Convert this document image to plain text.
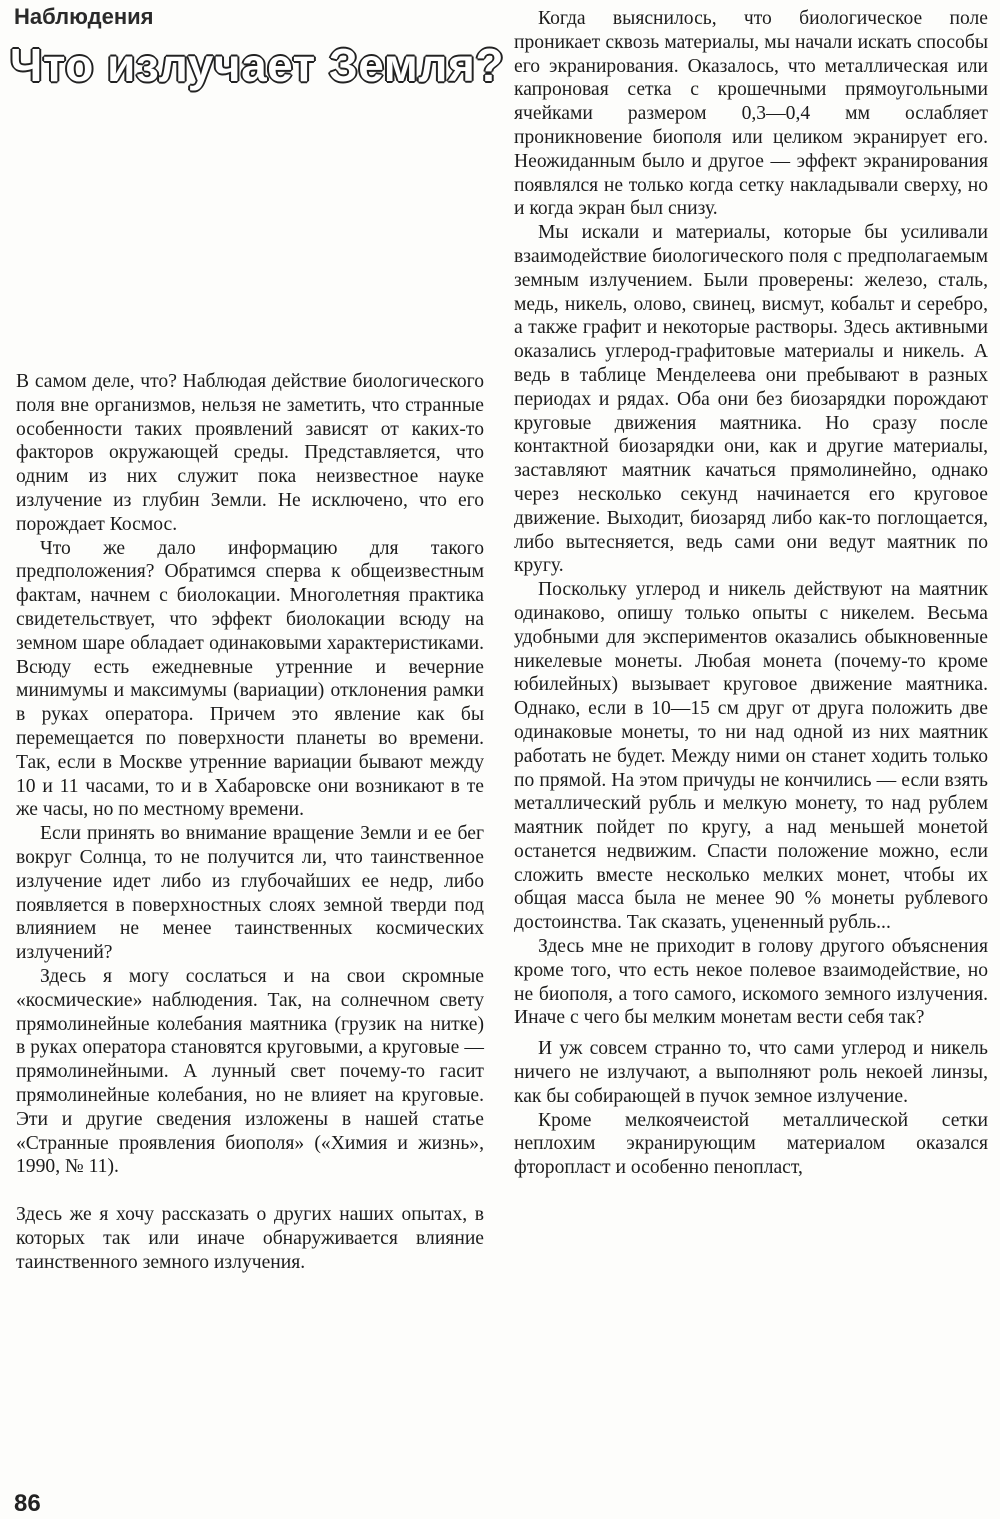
Наблюдения
Что излучает Земля?

В самом деле, что? Наблюдая действие биологического поля вне организмов, нельзя не заметить, что странные особенности таких проявлений зависят от каких-то факторов окружающей среды. Представляется, что одним из них служит пока неизвестное науке излучение из глубин Земли. Не исключено, что его порождает Космос.

Что же дало информацию для такого предположения? Обратимся сперва к общеизвестным фактам, начнем с биолокации. Многолетняя практика свидетельствует, что эффект биолокации всюду на земном шаре обладает одинаковыми характеристиками. Всюду есть ежедневные утренние и вечерние минимумы и максимумы (вариации) отклонения рамки в руках оператора. Причем это явление как бы перемещается по поверхности планеты во времени. Так, если в Москве утренние вариации бывают между 10 и 11 часами, то и в Хабаровске они возникают в те же часы, но по местному времени.

Если принять во внимание вращение Земли и ее бег вокруг Солнца, то не получится ли, что таинственное излучение идет либо из глубочайших ее недр, либо появляется в поверхностных слоях земной тверди под влиянием не менее таинственных космических излучений?

Здесь я могу сослаться и на свои скромные «космические» наблюдения. Так, на солнечном свету прямолинейные колебания маятника (грузик на нитке) в руках оператора становятся круговыми, а круговые — прямолинейными. А лунный свет почему-то гасит прямолинейные колебания, но не влияет на круговые. Эти и другие сведения изложены в нашей статье «Странные проявления биополя» («Химия и жизнь», 1990, № 11).

Здесь же я хочу рассказать о других наших опытах, в которых так или иначе обнаруживается влияние таинственного земного излучения.

Когда выяснилось, что биологическое поле проникает сквозь материалы, мы начали искать способы его экранирования. Оказалось, что металлическая или капроновая сетка с крошечными прямоугольными ячейками размером 0,3—0,4 мм ослабляет проникновение биополя или целиком экранирует его. Неожиданным было и другое — эффект экранирования появлялся не только когда сетку накладывали сверху, но и когда экран был снизу.

Мы искали и материалы, которые бы усиливали взаимодействие биологического поля с предполагаемым земным излучением. Были проверены: железо, сталь, медь, никель, олово, свинец, висмут, кобальт и серебро, а также графит и некоторые растворы. Здесь активными оказались углерод-графитовые материалы и никель. А ведь в таблице Менделеева они пребывают в разных периодах и рядах. Оба они без биозарядки порождают круговые движения маятника. Но сразу после контактной биозарядки они, как и другие материалы, заставляют маятник качаться прямолинейно, однако через несколько секунд начинается его круговое движение. Выходит, биозаряд либо как-то поглощается, либо вытесняется, ведь сами они ведут маятник по кругу.

Поскольку углерод и никель действуют на маятник одинаково, опишу только опыты с никелем. Весьма удобными для экспериментов оказались обыкновенные никелевые монеты. Любая монета (почему-то кроме юбилейных) вызывает круговое движение маятника. Однако, если в 10—15 см друг от друга положить две одинаковые монеты, то ни над одной из них маятник работать не будет. Между ними он станет ходить только по прямой. На этом причуды не кончились — если взять металлический рубль и мелкую монету, то над рублем маятник пойдет по кругу, а над меньшей монетой останется недвижим. Спасти положение можно, если сложить вместе несколько мелких монет, чтобы их общая масса была не менее 90 % монеты рублевого достоинства. Так сказать, уцененный рубль...

Здесь мне не приходит в голову другого объяснения кроме того, что есть некое полевое взаимодействие, но не биополя, а того самого, искомого земного излучения. Иначе с чего бы мелким монетам вести себя так?

И уж совсем странно то, что сами углерод и никель ничего не излучают, а выполняют роль некоей линзы, как бы собирающей в пучок земное излучение.

Кроме мелкоячеистой металлической сетки неплохим экранирующим материалом оказался фторопласт и особенно пенопласт,

86
